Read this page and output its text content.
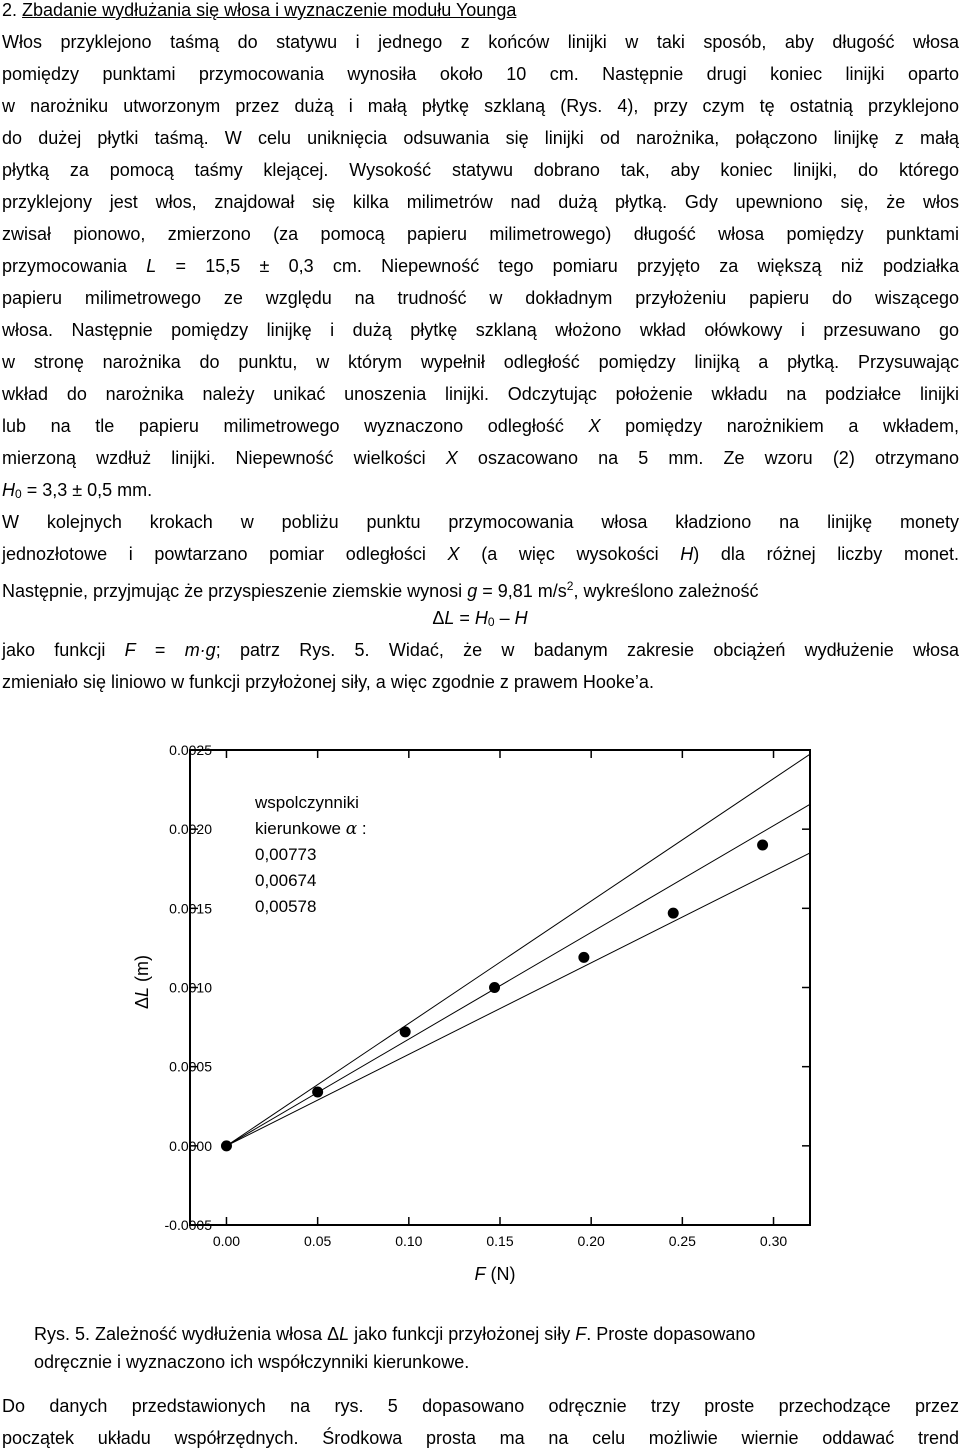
2. Zbadanie wydłużania się włosa i wyznaczenie modułu Younga
Włos przyklejono taśmą do statywu i jednego z końców linijki w taki sposób, aby długość włosa
pomiędzy punktami przymocowania wynosiła około 10 cm. Następnie drugi koniec linijki oparto
w narożniku utworzonym przez dużą i małą płytkę szklaną (Rys. 4), przy czym tę ostatnią przyklejono
do dużej płytki taśmą. W celu uniknięcia odsuwania się linijki od narożnika, połączono linijkę z małą
płytką za pomocą taśmy klejącej. Wysokość statywu dobrano tak, aby koniec linijki, do którego
przyklejony jest włos, znajdował się kilka milimetrów nad dużą płytką. Gdy upewniono się, że włos
zwisał pionowo, zmierzono (za pomocą papieru milimetrowego) długość włosa pomiędzy punktami
przymocowania L = 15,5 ± 0,3 cm. Niepewność tego pomiaru przyjęto za większą niż podziałka
papieru milimetrowego ze względu na trudność w dokładnym przyłożeniu papieru do wiszącego
włosa. Następnie pomiędzy linijkę i dużą płytkę szklaną włożono wkład ołówkowy i przesuwano go
w stronę narożnika do punktu, w którym wypełnił odległość pomiędzy linijką a płytką. Przysuwając
wkład do narożnika należy unikać unoszenia linijki. Odczytując położenie wkładu na podziałce linijki
lub na tle papieru milimetrowego wyznaczono odległość X pomiędzy narożnikiem a wkładem,
mierzoną wzdłuż linijki. Niepewność wielkości X oszacowano na 5 mm. Ze wzoru (2) otrzymano
H0 = 3,3 ± 0,5 mm.
W kolejnych krokach w pobliżu punktu przymocowania włosa kładziono na linijkę monety
jednozłotowe i powtarzano pomiar odległości X (a więc wysokości H) dla różnej liczby monet.
Następnie, przyjmując że przyspieszenie ziemskie wynosi g = 9,81 $m/s^2$, wykreślono zależność
ΔL = H0 – H
jako funkcji F = m·g; patrz Rys. 5. Widać, że w badanym zakresie obciążeń wydłużenie włosa
zmieniało się liniowo w funkcji przyłożonej siły, a więc zgodnie z prawem Hooke’a.
-0.0005
0.0000
0.0005
0.0010
0.0015
0.0020
0.0025
0.00	0.05	0.10	0.15	0.20	0.25	0.30
wspolczynniki
kierunkowe α :
0,00773
0,00674
0,00578
F (N)
ΔL (m)
Rys. 5. Zależność wydłużenia włosa ΔL jako funkcji przyłożonej siły F. Proste dopasowano
odręcznie i wyznaczono ich współczynniki kierunkowe.
Do danych przedstawionych na rys. 5 dopasowano odręcznie trzy proste przechodzące przez
początek układu współrzędnych. Środkowa prosta ma na celu możliwie wiernie oddawać trend
